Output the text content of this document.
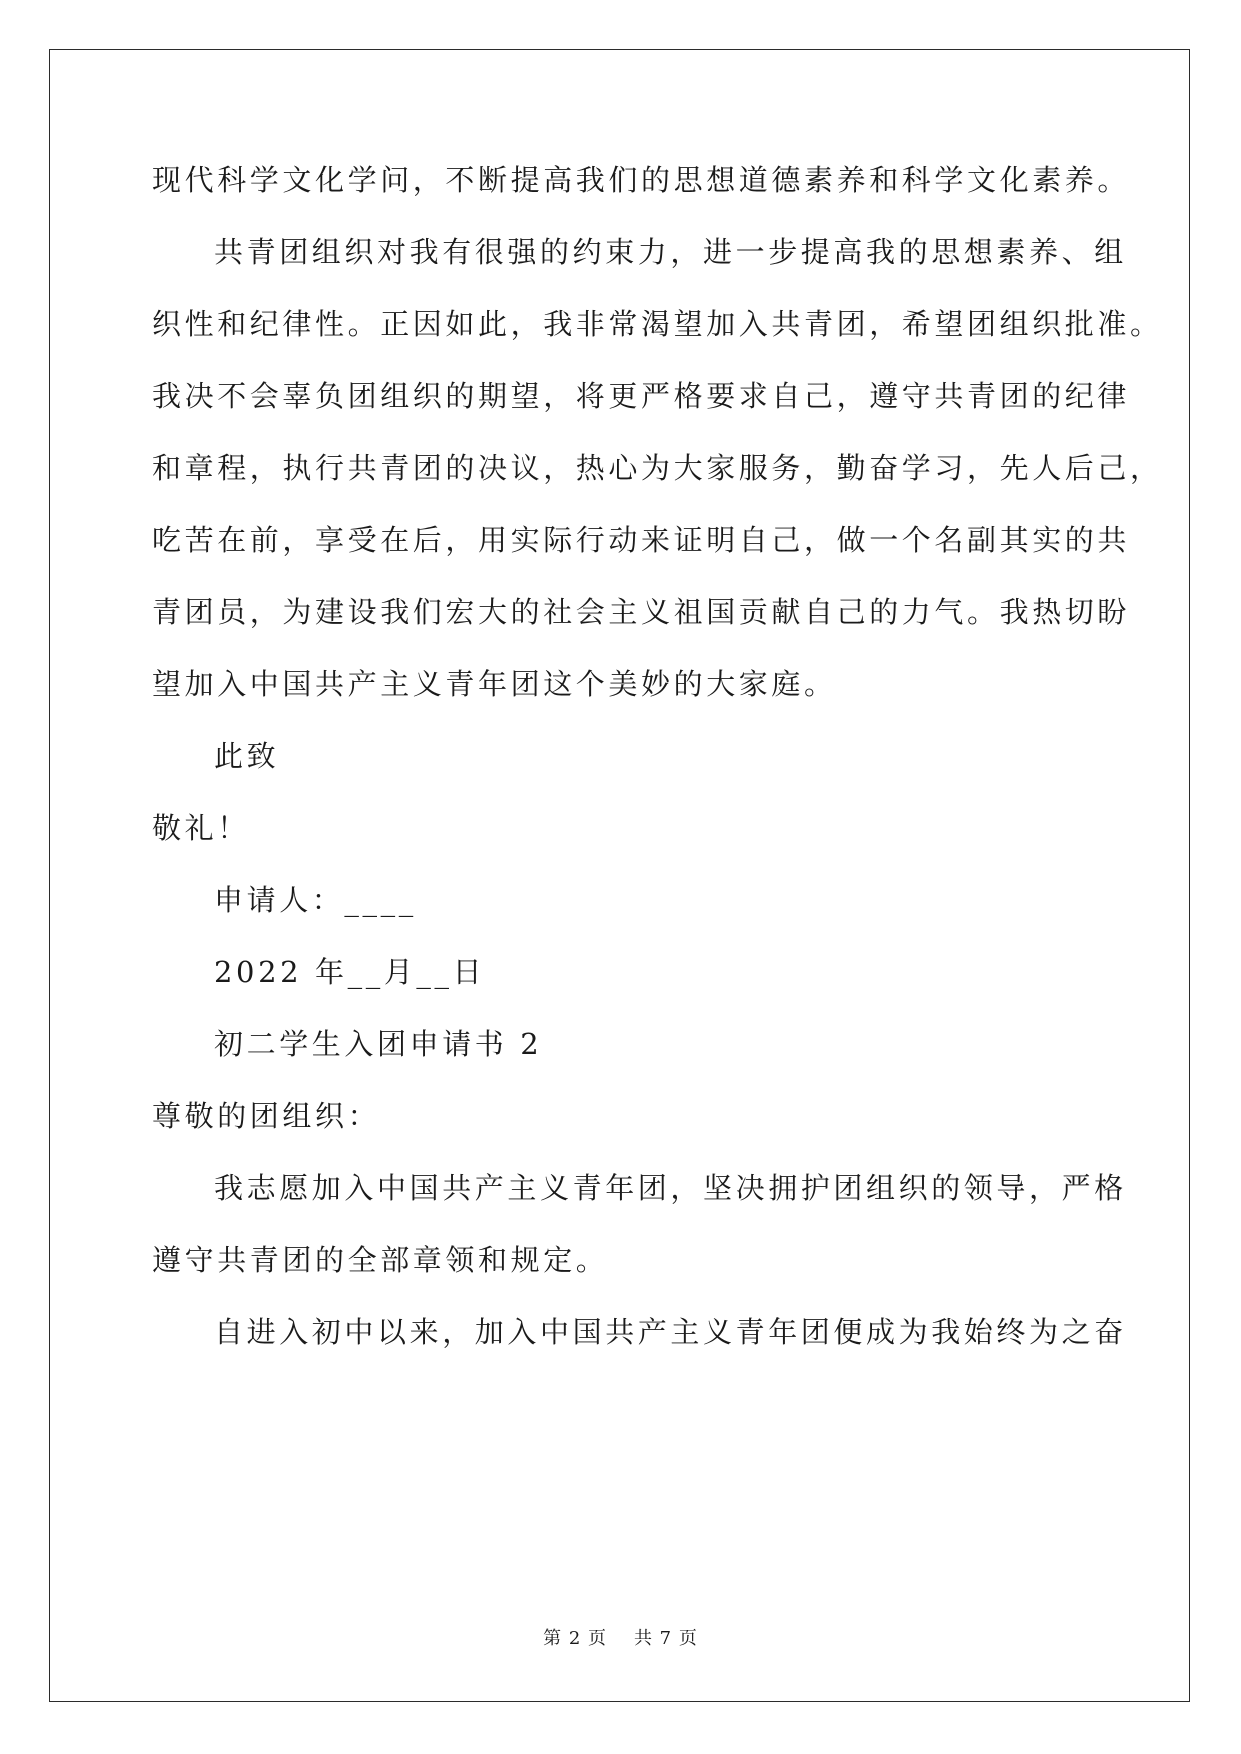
现代科学文化学问，不断提高我们的思想道德素养和科学文化素养。
共青团组织对我有很强的约束力，进一步提高我的思想素养、组
织性和纪律性。正因如此，我非常渴望加入共青团，希望团组织批准。
我决不会辜负团组织的期望，将更严格要求自己，遵守共青团的纪律
和章程，执行共青团的决议，热心为大家服务，勤奋学习，先人后己，
吃苦在前，享受在后，用实际行动来证明自己，做一个名副其实的共
青团员，为建设我们宏大的社会主义祖国贡献自己的力气。我热切盼
望加入中国共产主义青年团这个美妙的大家庭。
此致
敬礼！
申请人：____
2022 年__月__日
初二学生入团申请书 2
尊敬的团组织：
我志愿加入中国共产主义青年团，坚决拥护团组织的领导，严格
遵守共青团的全部章领和规定。
自进入初中以来，加入中国共产主义青年团便成为我始终为之奋
第 2 页 共 7 页
